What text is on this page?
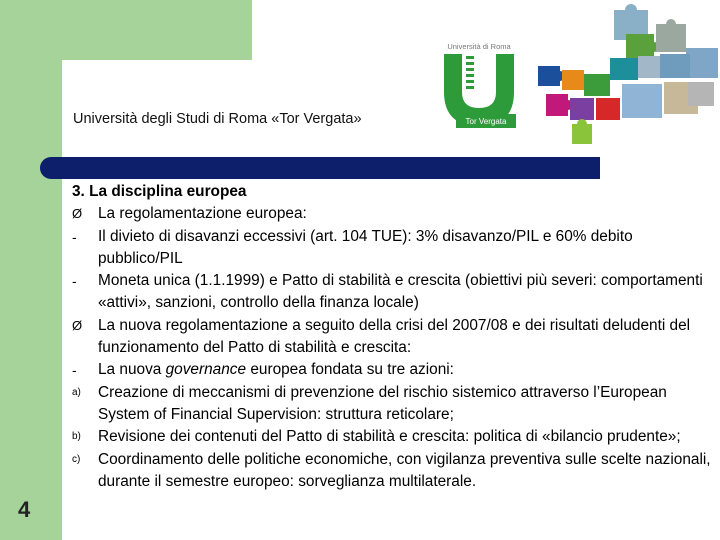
Università degli Studi di Roma «Tor Vergata»
Università di Roma
Tor Vergata
4
3. La disciplina europea
Ø	La regolamentazione europea:
-	Il divieto di disavanzi eccessivi (art. 104 TUE): 3% disavanzo/PIL e 60% debito pubblico/PIL
-	Moneta unica (1.1.1999) e Patto di stabilità e crescita (obiettivi più severi: comportamenti «attivi», sanzioni, controllo della finanza locale)
Ø	La nuova regolamentazione a seguito della crisi del 2007/08 e dei risultati deludenti del funzionamento del Patto di stabilità e crescita:
-	La nuova governance europea fondata su tre azioni:
a)	Creazione di meccanismi di prevenzione del rischio sistemico attraverso l’European System of Financial Supervision: struttura reticolare;
b)	Revisione dei contenuti del Patto di stabilità e crescita: politica di «bilancio prudente»;
c)	Coordinamento delle politiche economiche, con vigilanza preventiva sulle scelte nazionali, durante il semestre europeo: sorveglianza multilaterale.
